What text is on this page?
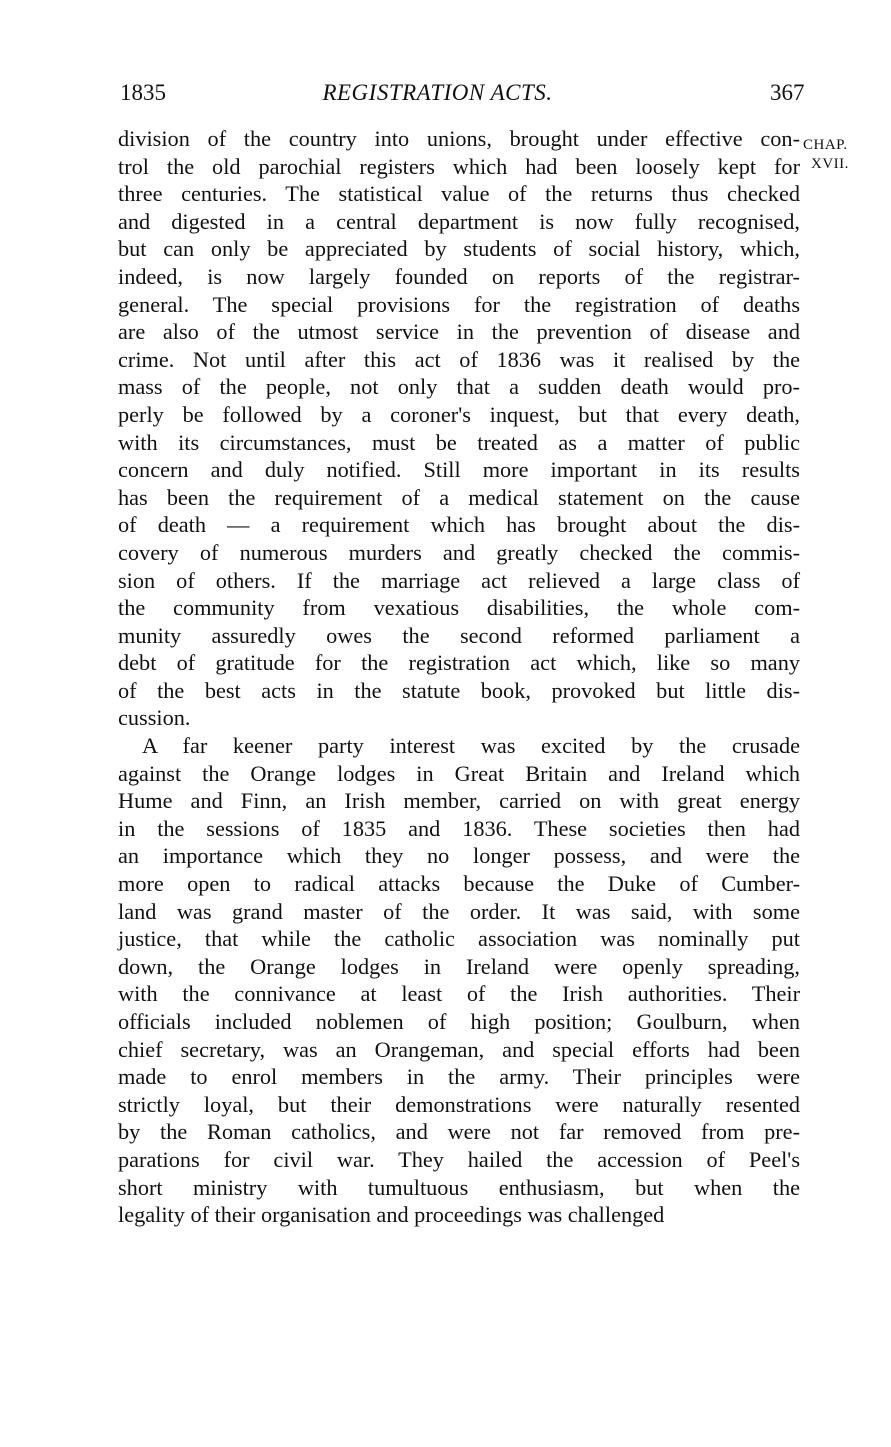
1835	REGISTRATION ACTS.	367
CHAP.
XVII.
division of the country into unions, brought under effective con-
trol the old parochial registers which had been loosely kept for
three centuries. The statistical value of the returns thus checked
and digested in a central department is now fully recognised,
but can only be appreciated by students of social history, which,
indeed, is now largely founded on reports of the registrar-
general. The special provisions for the registration of deaths
are also of the utmost service in the prevention of disease and
crime. Not until after this act of 1836 was it realised by the
mass of the people, not only that a sudden death would pro-
perly be followed by a coroner's inquest, but that every death,
with its circumstances, must be treated as a matter of public
concern and duly notified. Still more important in its results
has been the requirement of a medical statement on the cause
of death — a requirement which has brought about the dis-
covery of numerous murders and greatly checked the commis-
sion of others. If the marriage act relieved a large class of
the community from vexatious disabilities, the whole com-
munity assuredly owes the second reformed parliament a
debt of gratitude for the registration act which, like so many
of the best acts in the statute book, provoked but little dis-
cussion.
A far keener party interest was excited by the crusade
against the Orange lodges in Great Britain and Ireland which
Hume and Finn, an Irish member, carried on with great energy
in the sessions of 1835 and 1836. These societies then had
an importance which they no longer possess, and were the
more open to radical attacks because the Duke of Cumber-
land was grand master of the order. It was said, with some
justice, that while the catholic association was nominally put
down, the Orange lodges in Ireland were openly spreading,
with the connivance at least of the Irish authorities. Their
officials included noblemen of high position; Goulburn, when
chief secretary, was an Orangeman, and special efforts had been
made to enrol members in the army. Their principles were
strictly loyal, but their demonstrations were naturally resented
by the Roman catholics, and were not far removed from pre-
parations for civil war. They hailed the accession of Peel's
short ministry with tumultuous enthusiasm, but when the
legality of their organisation and proceedings was challenged
